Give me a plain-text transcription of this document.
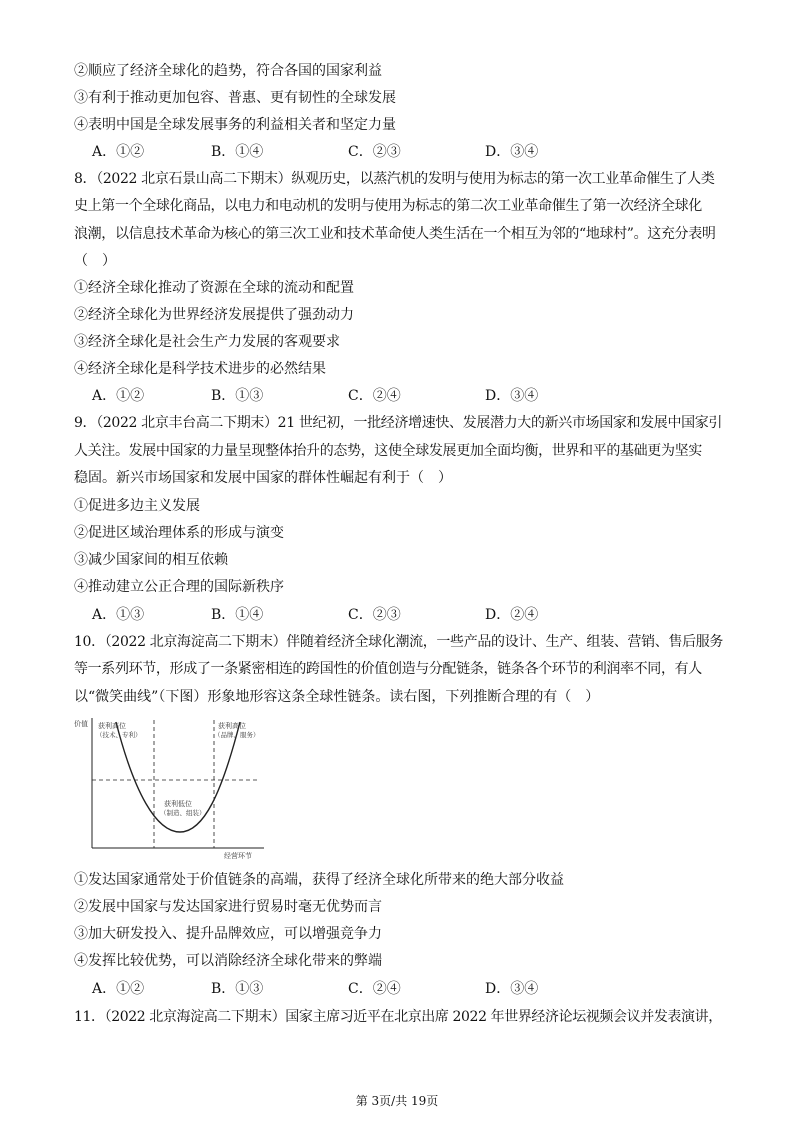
②顺应了经济全球化的趋势，符合各国的国家利益
③有利于推动更加包容、普惠、更有韧性的全球发展
④表明中国是全球发展事务的利益相关者和坚定力量
A．①②	B．①④	C．②③	D．③④
8．（2022 北京石景山高二下期末）纵观历史，以蒸汽机的发明与使用为标志的第一次工业革命催生了人类
史上第一个全球化商品，以电力和电动机的发明与使用为标志的第二次工业革命催生了第一次经济全球化
浪潮，以信息技术革命为核心的第三次工业和技术革命使人类生活在一个相互为邻的“地球村”。这充分表明
（　）
①经济全球化推动了资源在全球的流动和配置
②经济全球化为世界经济发展提供了强劲动力
③经济全球化是社会生产力发展的客观要求
④经济全球化是科学技术进步的必然结果
A．①②	B．①③	C．②④	D．③④
9．（2022 北京丰台高二下期末）21 世纪初，一批经济增速快、发展潜力大的新兴市场国家和发展中国家引
人关注。发展中国家的力量呈现整体抬升的态势，这使全球发展更加全面均衡，世界和平的基础更为坚实
稳固。新兴市场国家和发展中国家的群体性崛起有利于（　）
①促进多边主义发展
②促进区域治理体系的形成与演变
③减少国家间的相互依赖
④推动建立公正合理的国际新秩序
A．①③	B．①④	C．②③	D．②④
10．（2022 北京海淀高二下期末）伴随着经济全球化潮流，一些产品的设计、生产、组装、营销、售后服务
等一系列环节，形成了一条紧密相连的跨国性的价值创造与分配链条，链条各个环节的利润率不同，有人
以“微笑曲线”（下图）形象地形容这条全球性链条。读右图，下列推断合理的有（　）
价值 获利高位
（技术、专利）
获利高位
（品牌、服务）
获利低位
（制造、组装）
经营环节
①发达国家通常处于价值链条的高端，获得了经济全球化所带来的绝大部分收益
②发展中国家与发达国家进行贸易时毫无优势而言
③加大研发投入、提升品牌效应，可以增强竞争力
④发挥比较优势，可以消除经济全球化带来的弊端
A．①②	B．①③	C．②④	D．③④
11．（2022 北京海淀高二下期末）国家主席习近平在北京出席 2022 年世界经济论坛视频会议并发表演讲，
第 3页/共 19页
